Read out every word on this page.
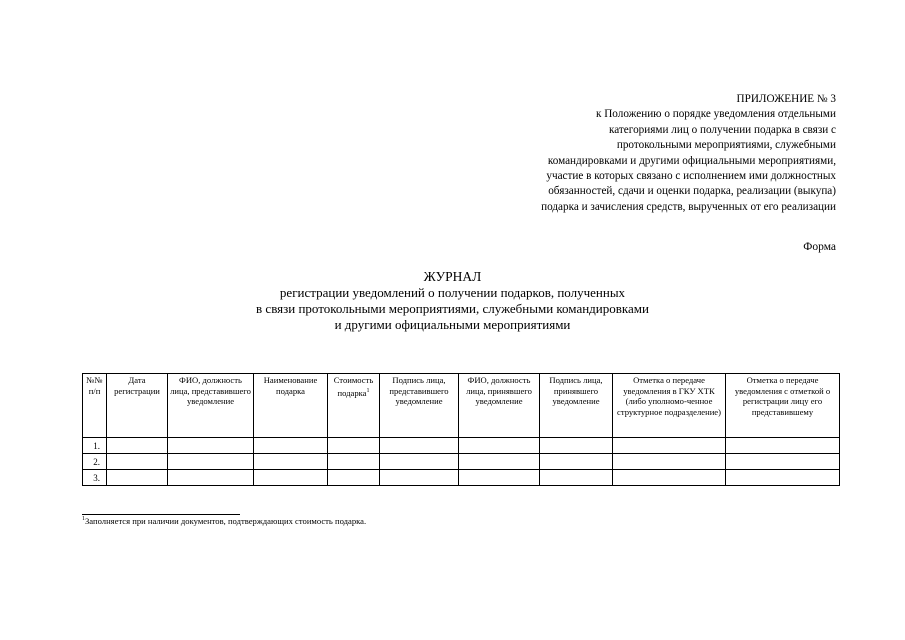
ПРИЛОЖЕНИЕ № 3
к Положению о порядке уведомления отдельными
категориями лиц о получении подарка в связи с
протокольными мероприятиями, служебными
командировками и другими официальными мероприятиями,
участие в которых связано с исполнением ими должностных
обязанностей, сдачи и оценки подарка, реализации (выкупа)
подарка и зачисления средств, вырученных от его реализации
Форма
ЖУРНАЛ
регистрации уведомлений о получении подарков, полученных
в связи протокольными мероприятиями, служебными командировками
и другими официальными мероприятиями
№№ п/п	Дата регистрации	ФИО, должность лица, представившего уведомление	Наименование подарка	Стоимость подарка$^1$	Подпись лица, представившего уведомление	ФИО, должность лица, принявшего уведомление	Подпись лица, принявшего уведомление	Отметка о передаче уведомления в ГКУ ХТК (либо уполномо-ченное структурное подразделение)	Отметка о передаче уведомления с отметкой о регистрации лицу его представившему
1.									
2.									
3.									
$^1$Заполняется при наличии документов, подтверждающих стоимость подарка.
